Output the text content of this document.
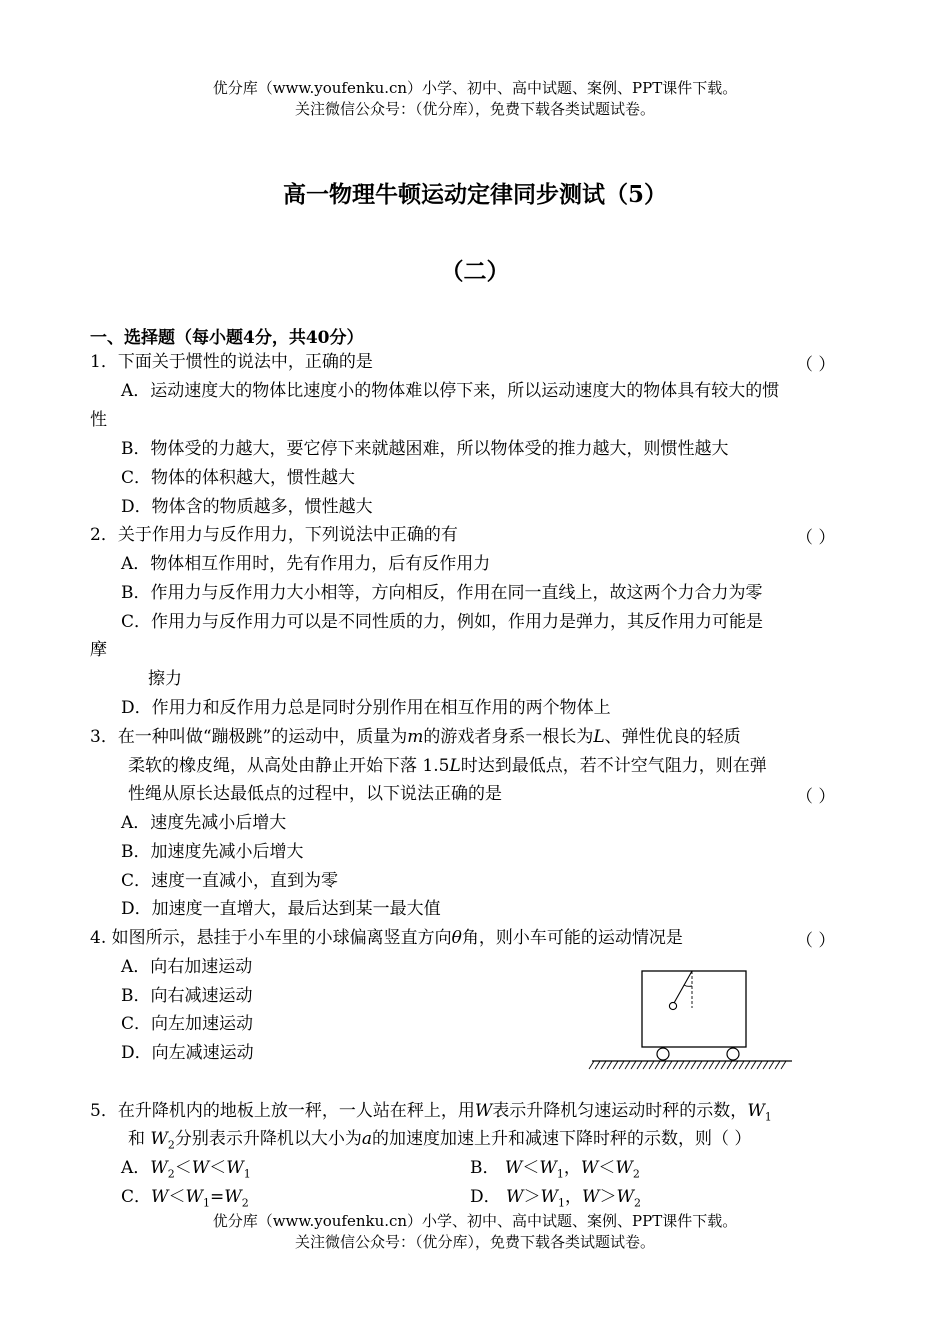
优分库（www.youfenku.cn）小学、初中、高中试题、案例、PPT课件下载。
关注微信公众号：（优分库），免费下载各类试题试卷。
高一物理牛顿运动定律同步测试（5）
（二）
一、选择题（每小题4分，共40分）
1．下面关于惯性的说法中，正确的是	（ ）
A．运动速度大的物体比速度小的物体难以停下来，所以运动速度大的物体具有较大的惯
性
B．物体受的力越大，要它停下来就越困难，所以物体受的推力越大，则惯性越大
C．物体的体积越大，惯性越大
D．物体含的物质越多，惯性越大
2．关于作用力与反作用力，下列说法中正确的有	（ ）
A．物体相互作用时，先有作用力，后有反作用力
B．作用力与反作用力大小相等，方向相反，作用在同一直线上，故这两个力合力为零
C．作用力与反作用力可以是不同性质的力，例如，作用力是弹力，其反作用力可能是
摩
擦力
D．作用力和反作用力总是同时分别作用在相互作用的两个物体上
3．在一种叫做“蹦极跳”的运动中，质量为m的游戏者身系一根长为L、弹性优良的轻质
柔软的橡皮绳，从高处由静止开始下落 1.5L时达到最低点，若不计空气阻力，则在弹
性绳从原长达最低点的过程中，以下说法正确的是	（ ）
A．速度先减小后增大
B．加速度先减小后增大
C．速度一直减小，直到为零
D．加速度一直增大，最后达到某一最大值
4. 如图所示，悬挂于小车里的小球偏离竖直方向θ角，则小车可能的运动情况是	（ ）
A．向右加速运动
B．向右减速运动
C．向左加速运动
D．向左减速运动
5．在升降机内的地板上放一秤，一人站在秤上，用W表示升降机匀速运动时秤的示数，$W_1$
和 $W_2$分别表示升降机以大小为a的加速度加速上升和减速下降时秤的示数，则（ ）
A．$W_2<W<W_1$	B． $W<W_1$，$W<W_2$
C．$W<W_1=W_2$	D． $W>W_1$，$W>W_2$
优分库（www.youfenku.cn）小学、初中、高中试题、案例、PPT课件下载。
关注微信公众号：（优分库），免费下载各类试题试卷。
